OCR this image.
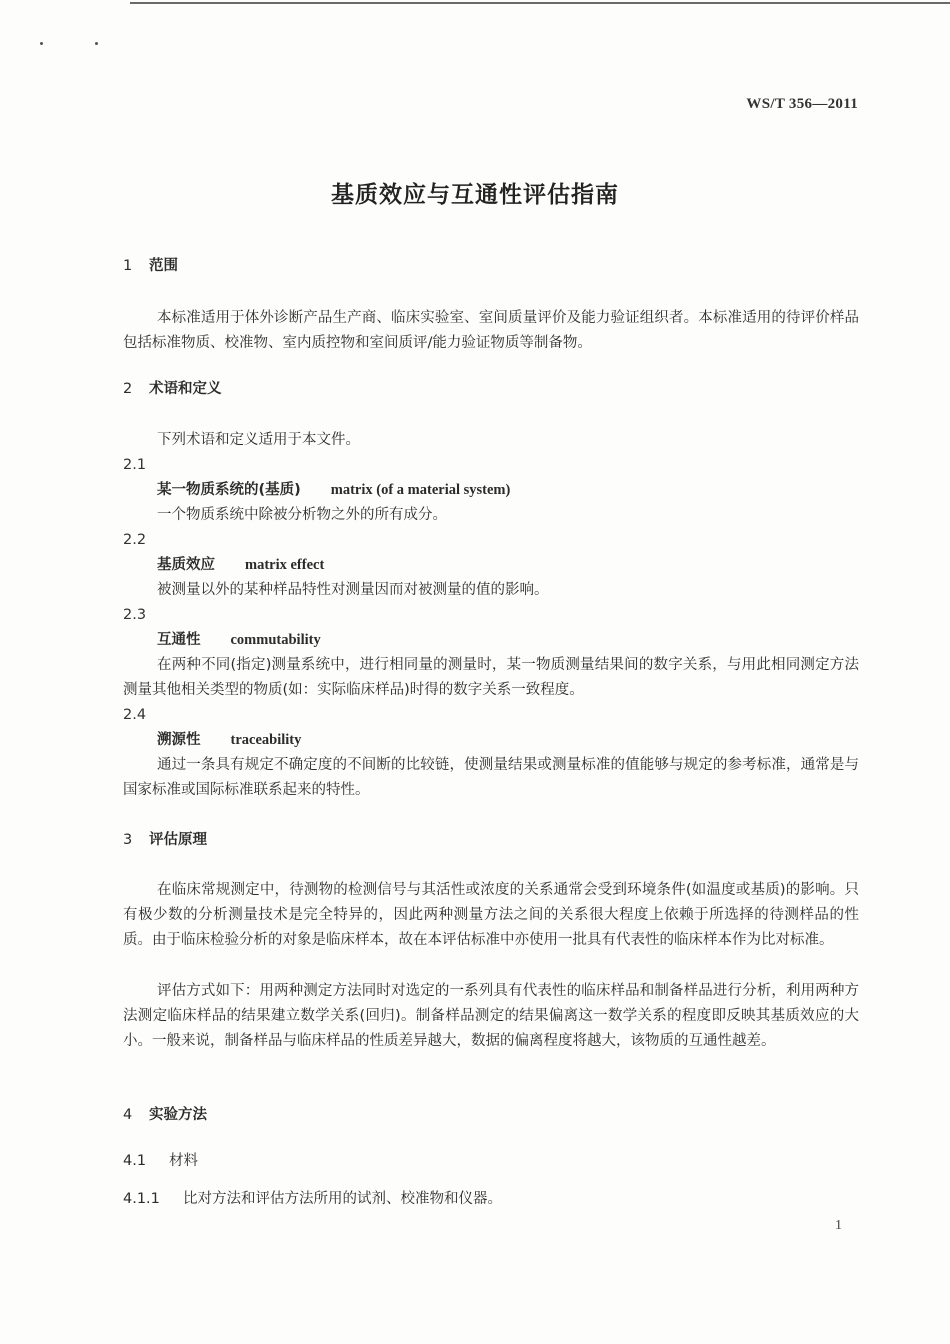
WS/T 356—2011
基质效应与互通性评估指南
1 范围
本标准适用于体外诊断产品生产商、临床实验室、室间质量评价及能力验证组织者。本标准适用的待评价样品包括标准物质、校准物、室内质控物和室间质评/能力验证物质等制备物。
2 术语和定义
下列术语和定义适用于本文件。
2.1
某一物质系统的(基质) matrix (of a material system)
一个物质系统中除被分析物之外的所有成分。
2.2
基质效应 matrix effect
被测量以外的某种样品特性对测量因而对被测量的值的影响。
2.3
互通性 commutability
在两种不同(指定)测量系统中，进行相同量的测量时，某一物质测量结果间的数字关系，与用此相同测定方法测量其他相关类型的物质(如：实际临床样品)时得的数字关系一致程度。
2.4
溯源性 traceability
通过一条具有规定不确定度的不间断的比较链，使测量结果或测量标准的值能够与规定的参考标准，通常是与国家标准或国际标准联系起来的特性。
3 评估原理
在临床常规测定中，待测物的检测信号与其活性或浓度的关系通常会受到环境条件(如温度或基质)的影响。只有极少数的分析测量技术是完全特异的，因此两种测量方法之间的关系很大程度上依赖于所选择的待测样品的性质。由于临床检验分析的对象是临床样本，故在本评估标准中亦使用一批具有代表性的临床样本作为比对标准。
评估方式如下：用两种测定方法同时对选定的一系列具有代表性的临床样品和制备样品进行分析，利用两种方法测定临床样品的结果建立数学关系(回归)。制备样品测定的结果偏离这一数学关系的程度即反映其基质效应的大小。一般来说，制备样品与临床样品的性质差异越大，数据的偏离程度将越大，该物质的互通性越差。
4 实验方法
4.1 材料
4.1.1 比对方法和评估方法所用的试剂、校准物和仪器。
1
